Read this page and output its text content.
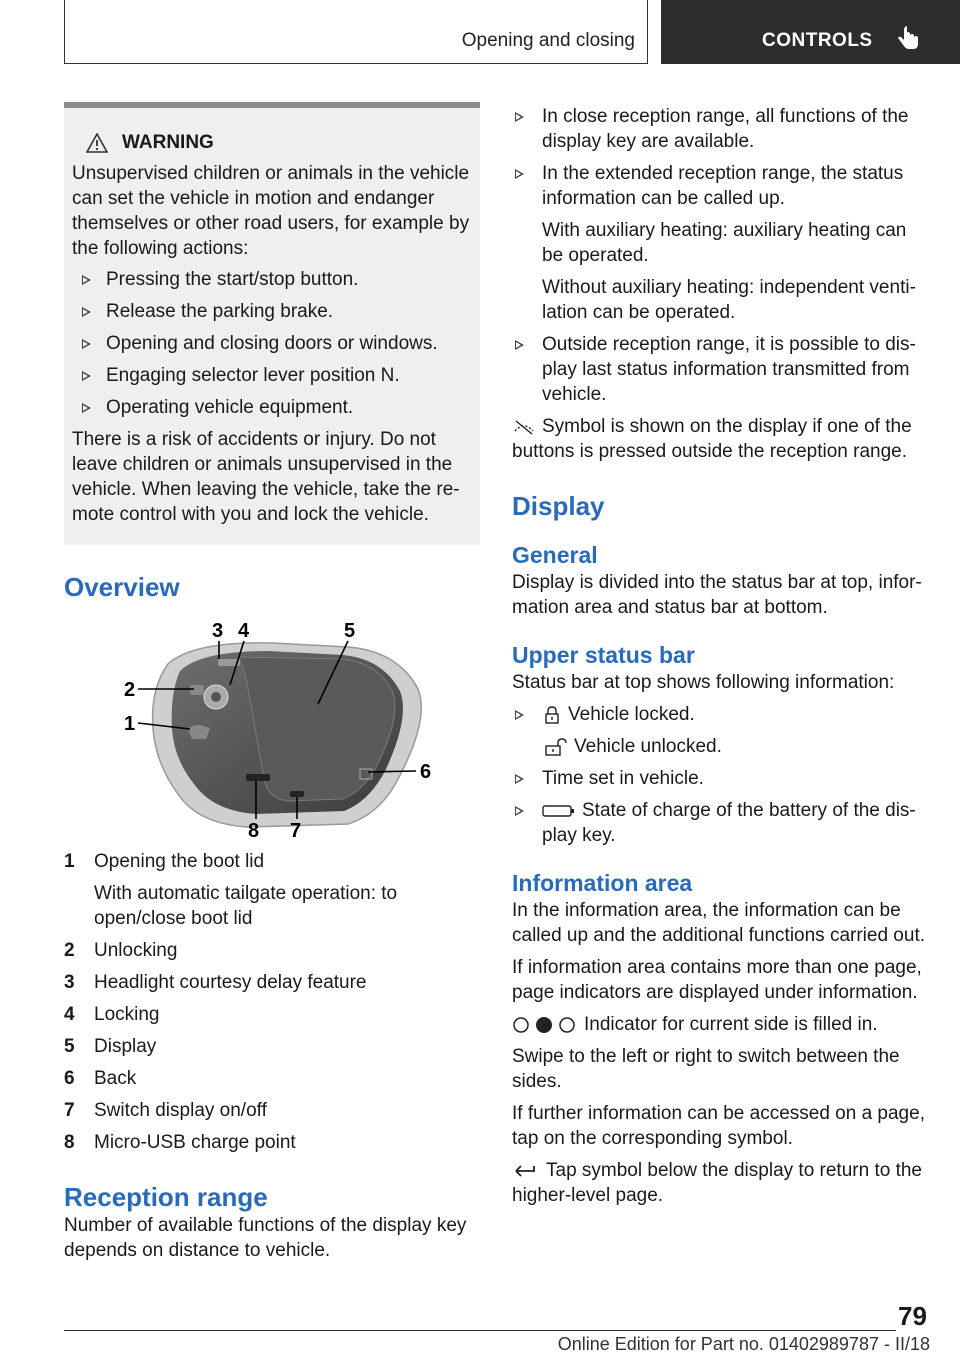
Opening and closing	CONTROLS
WARNING

Unsupervised children or animals in the vehicle can set the vehicle in motion and endanger themselves or other road users, for example by the following actions:

Pressing the start/stop button.
Release the parking brake.
Opening and closing doors or windows.
Engaging selector lever position N.
Operating vehicle equipment.

There is a risk of accidents or injury. Do not leave children or animals unsupervised in the vehicle. When leaving the vehicle, take the re-mote control with you and lock the vehicle.

Overview
3 4	5
2
1
6
8 7
1	Opening the boot lid

With automatic tailgate operation: to open/close boot lid

2	Unlocking
3	Headlight courtesy delay feature
4	Locking
5	Display
6	Back
7	Switch display on/off
8	Micro-USB charge point
Reception range

Number of available functions of the display key depends on distance to vehicle.

In close reception range, all functions of the display key are available.

In the extended reception range, the status information can be called up.

With auxiliary heating: auxiliary heating can be operated.

Without auxiliary heating: independent venti-lation can be operated.

Outside reception range, it is possible to dis-play last status information transmitted from vehicle.

Symbol is shown on the display if one of the buttons is pressed outside the reception range.

Display
General

Display is divided into the status bar at top, infor-mation area and status bar at bottom.

Upper status bar

Status bar at top shows following information:

Vehicle locked.

Vehicle unlocked.

Time set in vehicle.
State of charge of the battery of the dis-play key.
Information area

In the information area, the information can be called up and the additional functions carried out.

If information area contains more than one page, page indicators are displayed under information.

Indicator for current side is filled in.

Swipe to the left or right to switch between the sides.

If further information can be accessed on a page, tap on the corresponding symbol.

Tap symbol below the display to return to the higher-level page.

79
Online Edition for Part no. 01402989787 - II/18
